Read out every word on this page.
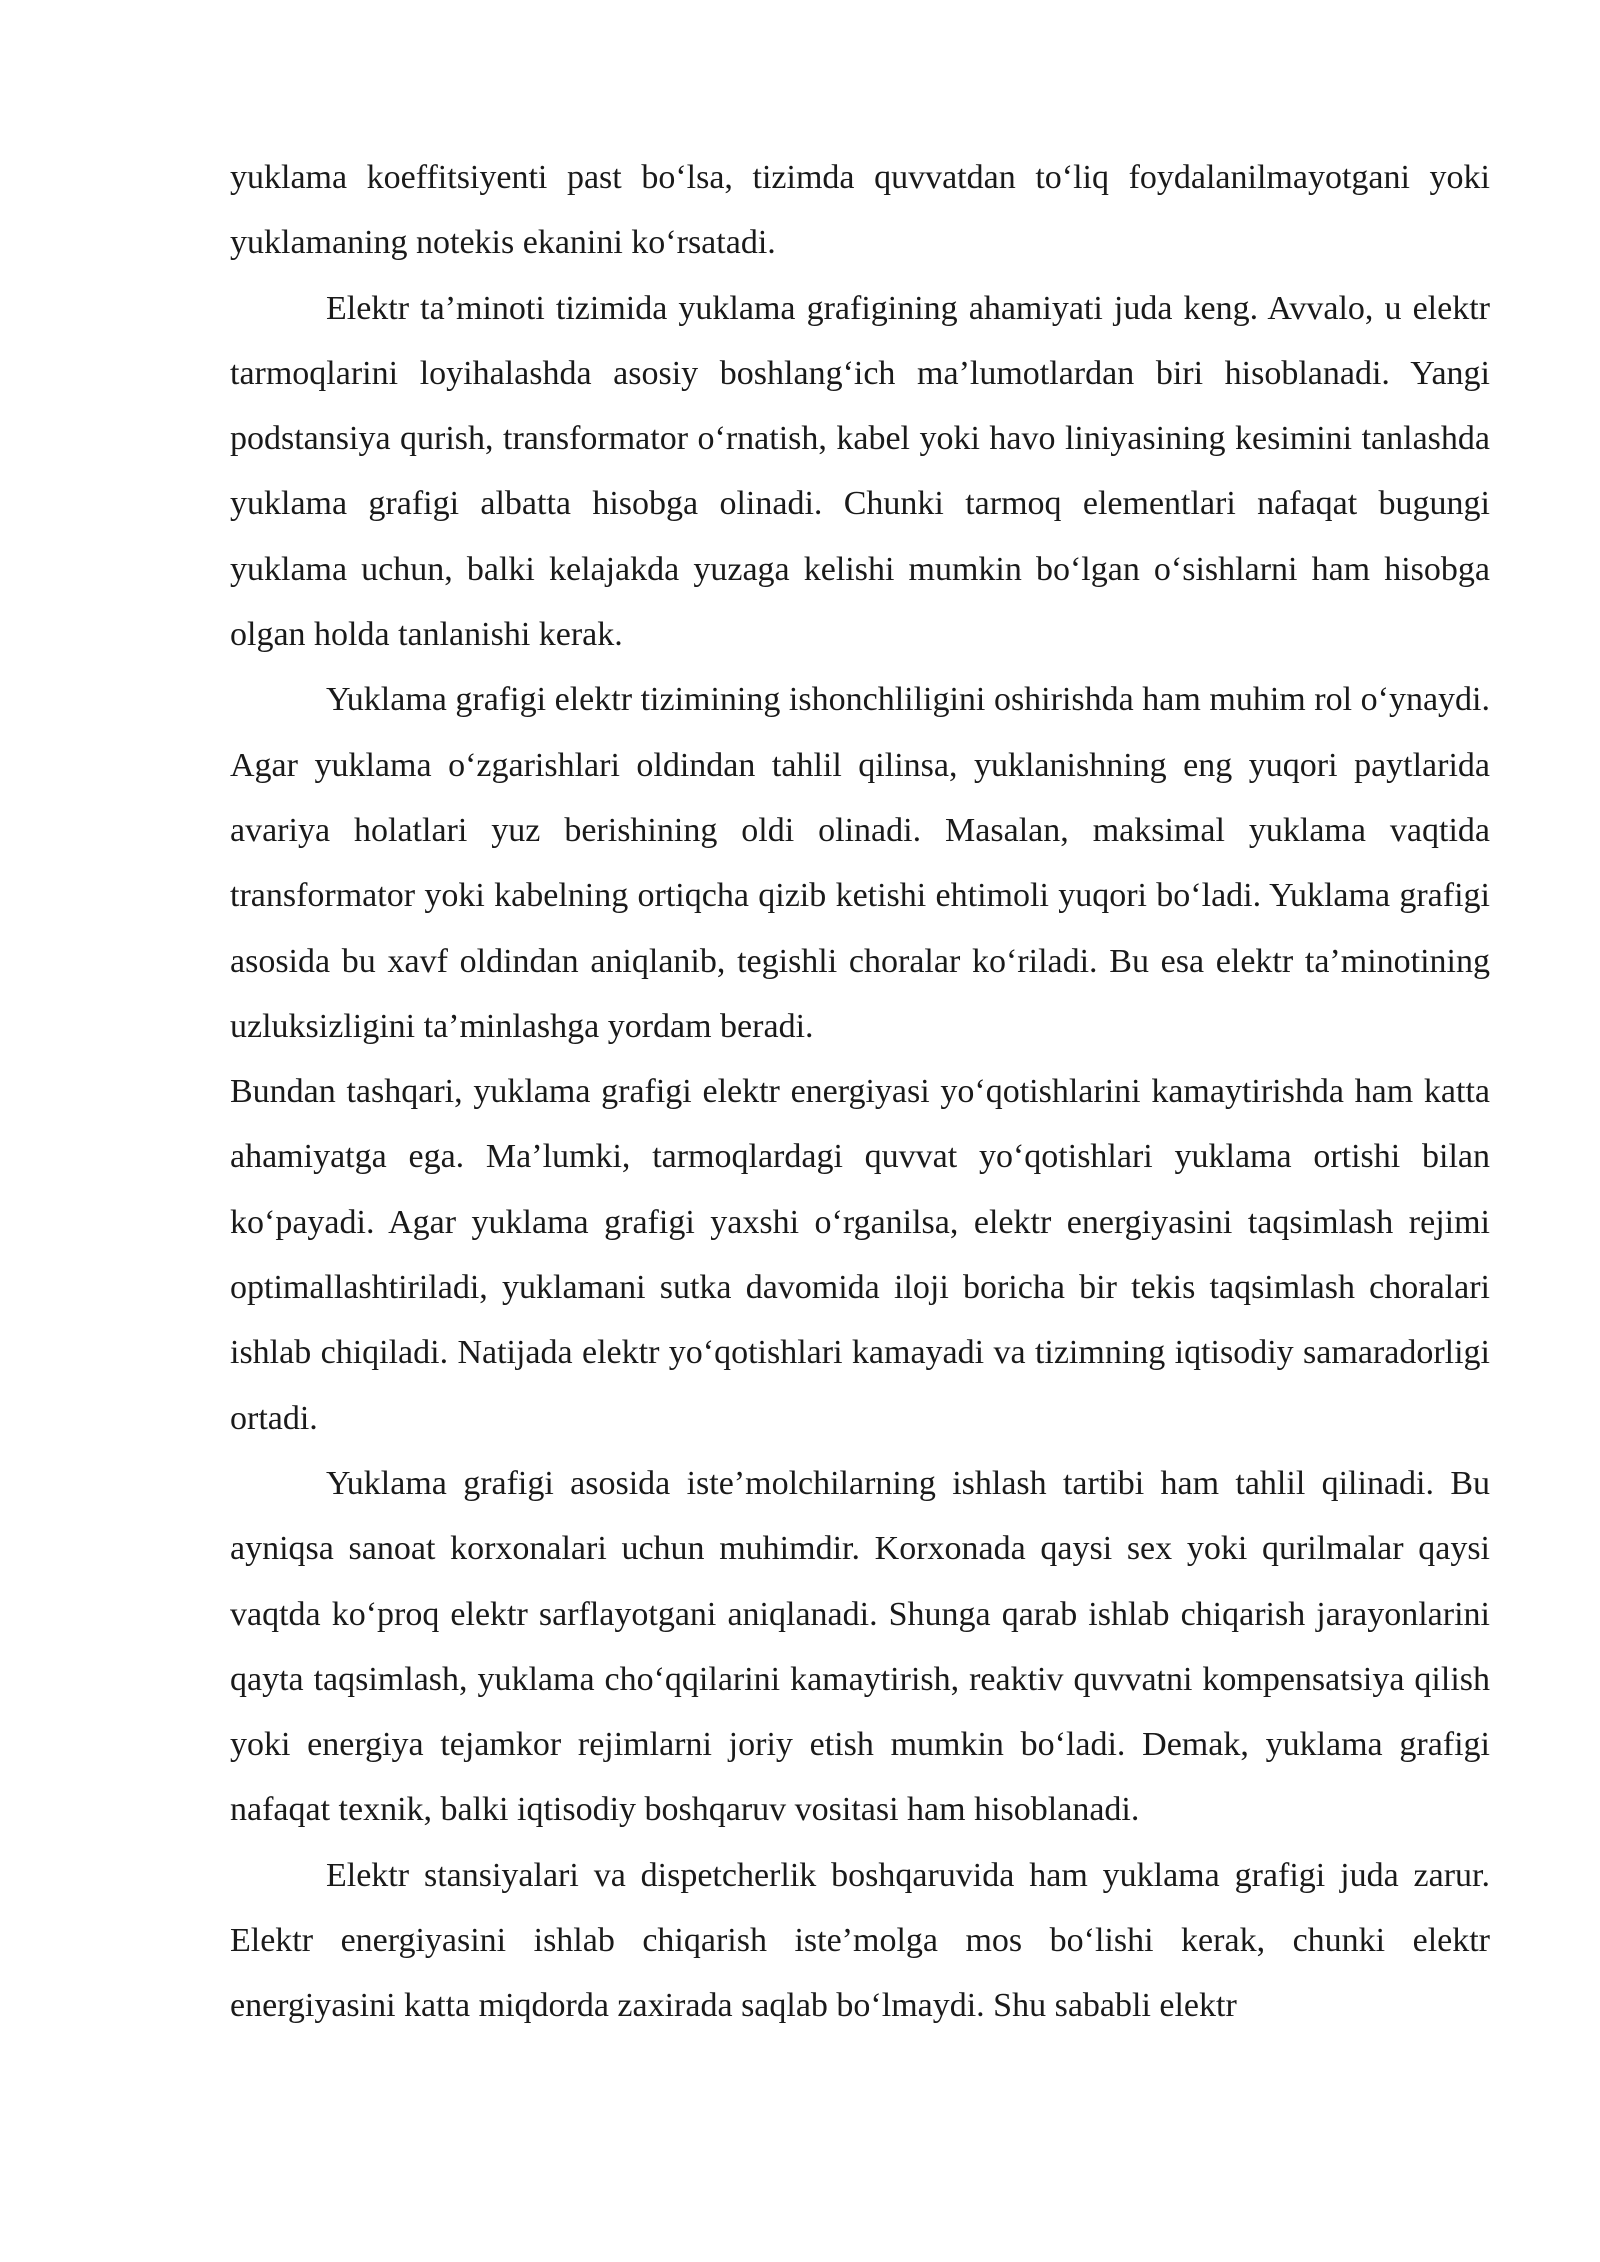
yuklama koeffitsiyenti past bo‘lsa, tizimda quvvatdan to‘liq foydalanilmayotgani yoki yuklamaning notekis ekanini ko‘rsatadi.

Elektr ta’minoti tizimida yuklama grafigining ahamiyati juda keng. Avvalo, u elektr tarmoqlarini loyihalashda asosiy boshlang‘ich ma’lumotlardan biri hisoblanadi. Yangi podstansiya qurish, transformator o‘rnatish, kabel yoki havo liniyasining kesimini tanlashda yuklama grafigi albatta hisobga olinadi. Chunki tarmoq elementlari nafaqat bugungi yuklama uchun, balki kelajakda yuzaga kelishi mumkin bo‘lgan o‘sishlarni ham hisobga olgan holda tanlanishi kerak.

Yuklama grafigi elektr tizimining ishonchliligini oshirishda ham muhim rol o‘ynaydi. Agar yuklama o‘zgarishlari oldindan tahlil qilinsa, yuklanishning eng yuqori paytlarida avariya holatlari yuz berishining oldi olinadi. Masalan, maksimal yuklama vaqtida transformator yoki kabelning ortiqcha qizib ketishi ehtimoli yuqori bo‘ladi. Yuklama grafigi asosida bu xavf oldindan aniqlanib, tegishli choralar ko‘riladi. Bu esa elektr ta’minotining uzluksizligini ta’minlashga yordam beradi.

Bundan tashqari, yuklama grafigi elektr energiyasi yo‘qotishlarini kamaytirishda ham katta ahamiyatga ega. Ma’lumki, tarmoqlardagi quvvat yo‘qotishlari yuklama ortishi bilan ko‘payadi. Agar yuklama grafigi yaxshi o‘rganilsa, elektr energiyasini taqsimlash rejimi optimallashtiriladi, yuklamani sutka davomida iloji boricha bir tekis taqsimlash choralari ishlab chiqiladi. Natijada elektr yo‘qotishlari kamayadi va tizimning iqtisodiy samaradorligi ortadi.

Yuklama grafigi asosida iste’molchilarning ishlash tartibi ham tahlil qilinadi. Bu ayniqsa sanoat korxonalari uchun muhimdir. Korxonada qaysi sex yoki qurilmalar qaysi vaqtda ko‘proq elektr sarflayotgani aniqlanadi. Shunga qarab ishlab chiqarish jarayonlarini qayta taqsimlash, yuklama cho‘qqilarini kamaytirish, reaktiv quvvatni kompensatsiya qilish yoki energiya tejamkor rejimlarni joriy etish mumkin bo‘ladi. Demak, yuklama grafigi nafaqat texnik, balki iqtisodiy boshqaruv vositasi ham hisoblanadi.

Elektr stansiyalari va dispetcherlik boshqaruvida ham yuklama grafigi juda zarur. Elektr energiyasini ishlab chiqarish iste’molga mos bo‘lishi kerak, chunki elektr energiyasini katta miqdorda zaxirada saqlab bo‘lmaydi. Shu sababli elektr
